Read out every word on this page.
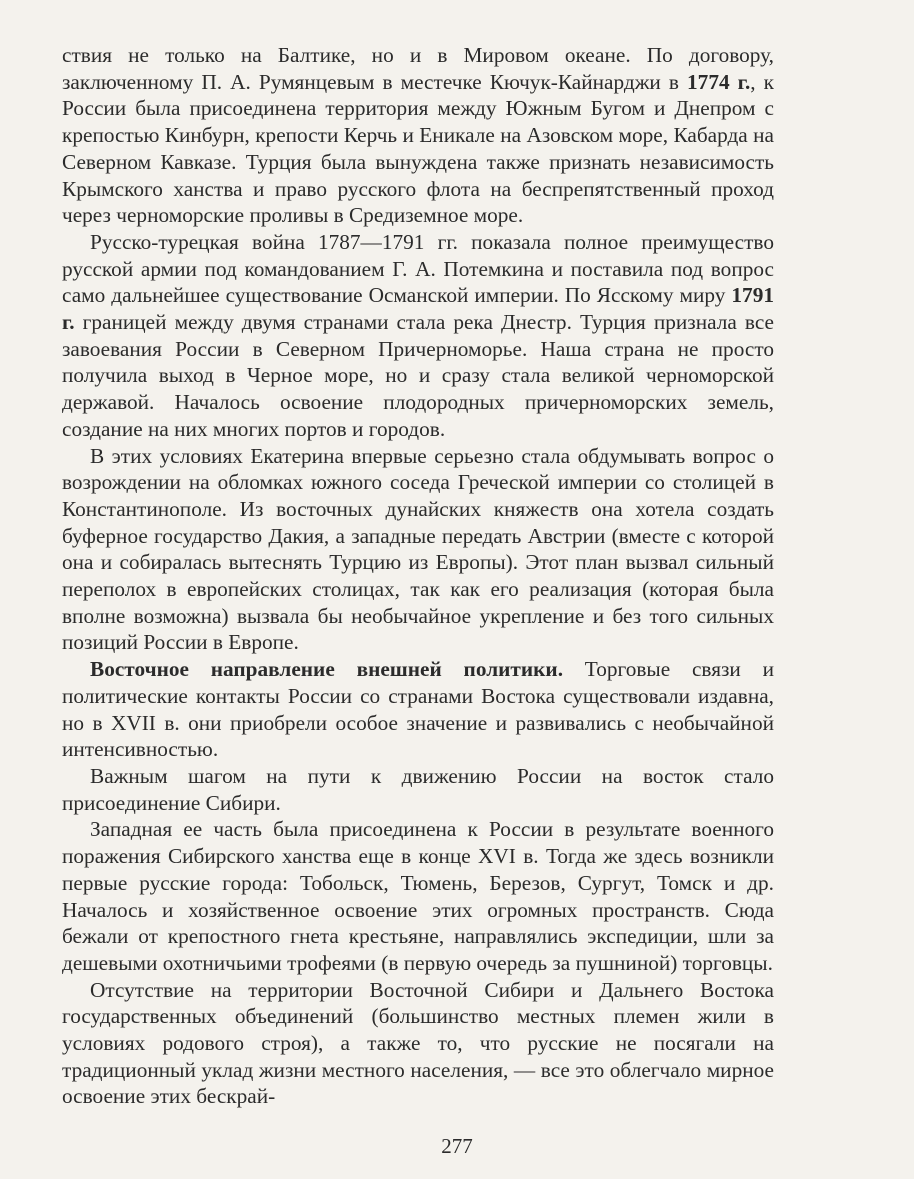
ствия не только на Балтике, но и в Мировом океане. По договору, заключенному П. А. Румянцевым в местечке Кючук-Кайнарджи в 1774 г., к России была присоединена территория между Южным Бугом и Днепром с крепостью Кинбурн, крепости Керчь и Еникале на Азовском море, Кабарда на Северном Кавказе. Турция была вынуждена также признать независимость Крымского ханства и право русского флота на беспрепятственный проход через черноморские проливы в Средиземное море.

Русско-турецкая война 1787—1791 гг. показала полное преимущество русской армии под командованием Г. А. Потемкина и поставила под вопрос само дальнейшее существование Османской империи. По Ясскому миру 1791 г. границей между двумя странами стала река Днестр. Турция признала все завоевания России в Северном Причерноморье. Наша страна не просто получила выход в Черное море, но и сразу стала великой черноморской державой. Началось освоение плодородных причерноморских земель, создание на них многих портов и городов.

В этих условиях Екатерина впервые серьезно стала обдумывать вопрос о возрождении на обломках южного соседа Греческой империи со столицей в Константинополе. Из восточных дунайских княжеств она хотела создать буферное государство Дакия, а западные передать Австрии (вместе с которой она и собиралась вытеснять Турцию из Европы). Этот план вызвал сильный переполох в европейских столицах, так как его реализация (которая была вполне возможна) вызвала бы необычайное укрепление и без того сильных позиций России в Европе.

Восточное направление внешней политики. Торговые связи и политические контакты России со странами Востока существовали издавна, но в XVII в. они приобрели особое значение и развивались с необычайной интенсивностью.

Важным шагом на пути к движению России на восток стало присоединение Сибири.

Западная ее часть была присоединена к России в результате военного поражения Сибирского ханства еще в конце XVI в. Тогда же здесь возникли первые русские города: Тобольск, Тюмень, Березов, Сургут, Томск и др. Началось и хозяйственное освоение этих огромных пространств. Сюда бежали от крепостного гнета крестьяне, направлялись экспедиции, шли за дешевыми охотничьими трофеями (в первую очередь за пушниной) торговцы.

Отсутствие на территории Восточной Сибири и Дальнего Востока государственных объединений (большинство местных племен жили в условиях родового строя), а также то, что русские не посягали на традиционный уклад жизни местного населения, — все это облегчало мирное освоение этих бескрай-

277
